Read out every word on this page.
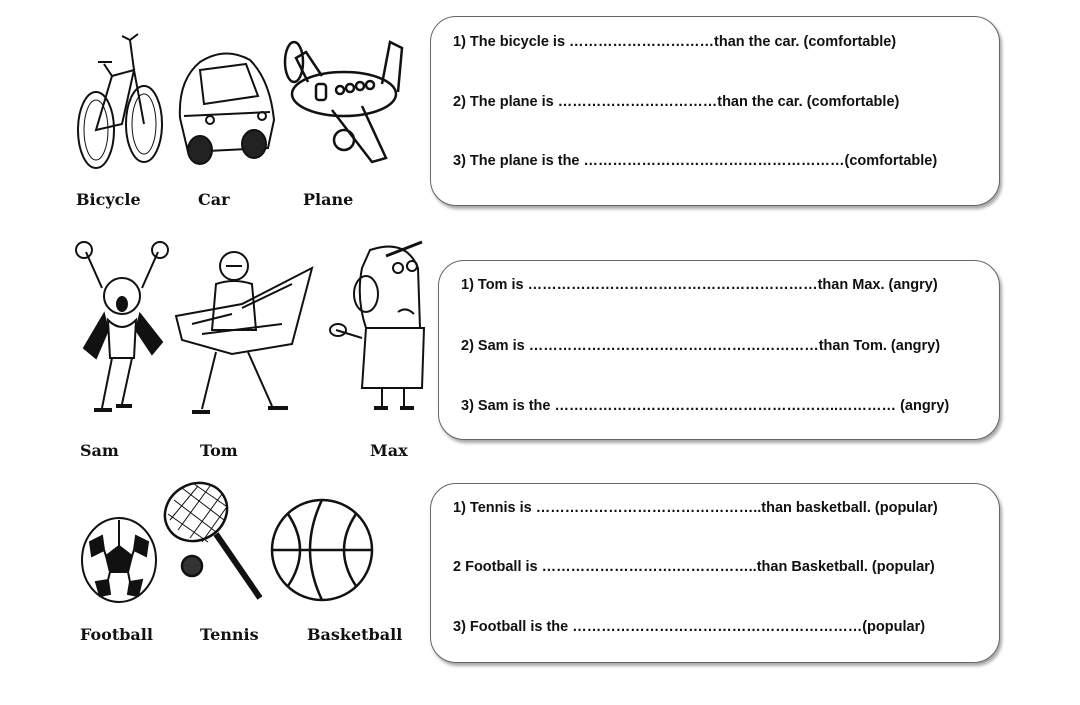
Bicycle	Car	Plane
1) The bicycle is …………………………than the car. (comfortable)
2) The plane is ……………………………than the car. (comfortable)
3) The plane is the ………………………………………………(comfortable)
Sam	Tom	Max
1) Tom is ……………………………………………………than Max. (angry)
2) Sam is ……………………………………………………than Tom. (angry)
3) Sam is the …………………………………………………..………… (angry)
Football	Tennis	Basketball
1) Tennis is ………………………………………..than basketball. (popular)
2 Football is ……………………….……………..than Basketball. (popular)
3) Football is the ……………………………………………………(popular)
